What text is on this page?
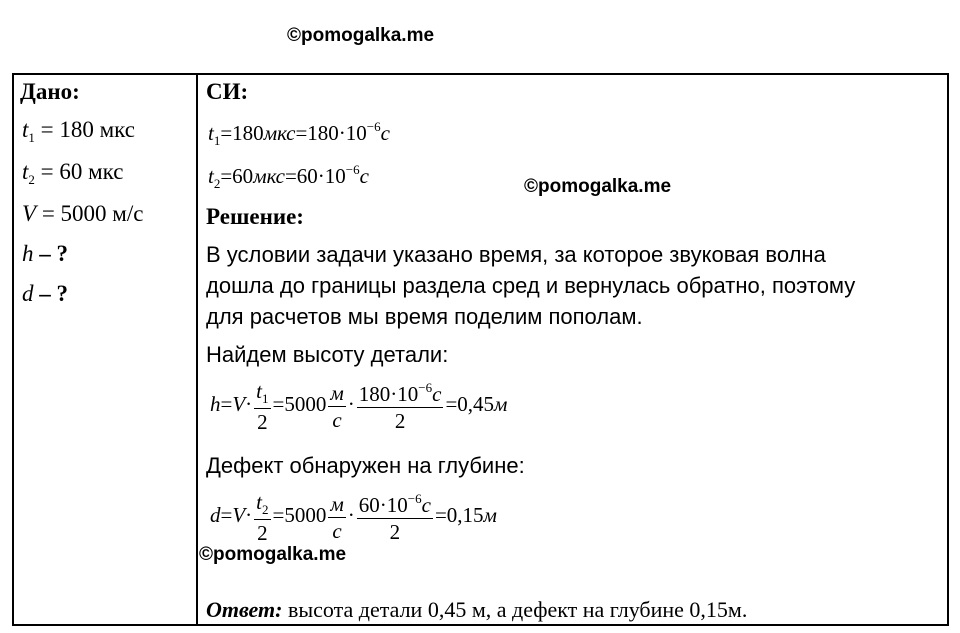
©pomogalka.me
©pomogalka.me
©pomogalka.me
Дано:
$t_1 = 180$ мкс
$t_2 = 60$ мкс
V = 5000 м/с
h – ?
d – ?
СИ:
$t_1=180мкс=180\cdot 10^{-6}с$
$t_2=60мкс=60\cdot 10^{-6}с$
Решение:
В условии задачи указано время, за которое звуковая волна
дошла до границы раздела сред и вернулась обратно, поэтому
для расчетов мы время поделим пополам.
Найдем высоту детали:
$h=V\cdot \frac{t_1}{2} =5000 \frac{м}{с} \cdot \frac{180\cdot 10^{-6}с}{2} =0,45м$
Дефект обнаружен на глубине:
$d=V\cdot \frac{t_2}{2} =5000 \frac{м}{с} \cdot \frac{60\cdot 10^{-6}с}{2} =0,15м$
Ответ: высота детали 0,45 м, а дефект на глубине 0,15м.
